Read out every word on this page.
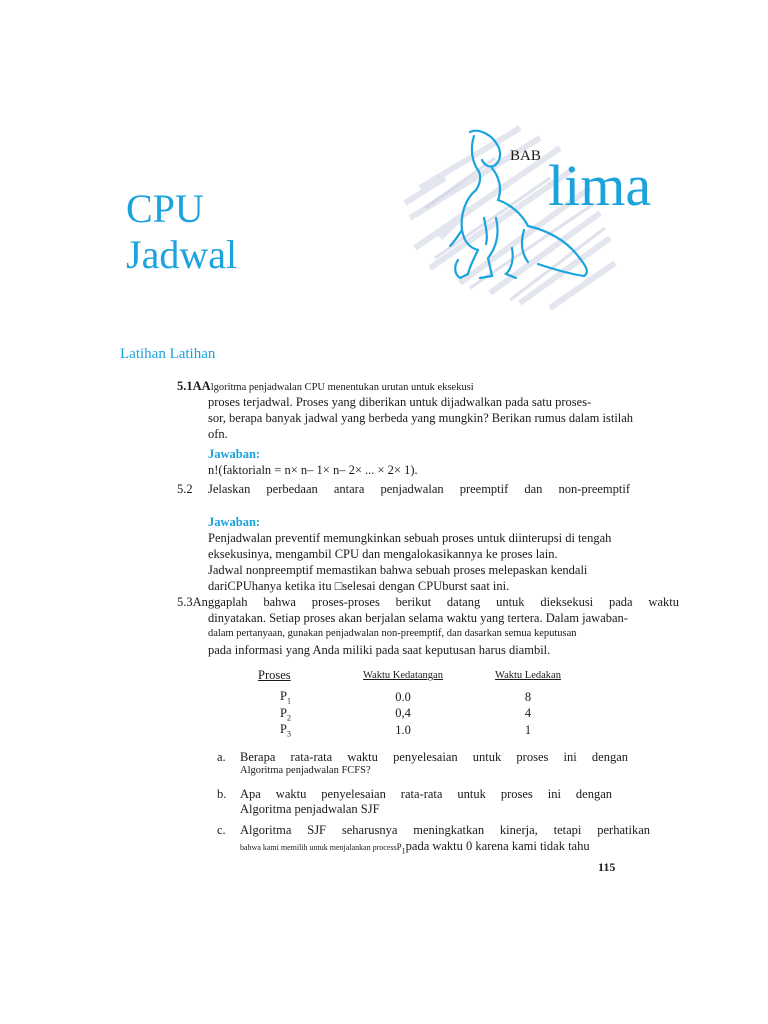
CPU
Jadwal
BAB lima
Latihan Latihan
5.1AAlgoritma penjadwalan CPU menentukan urutan untuk eksekusi
proses terjadwal. Proses yang diberikan untuk dijadwalkan pada satu proses-
sor, berapa banyak jadwal yang berbeda yang mungkin? Berikan rumus dalam istilah
ofn.
Jawaban:
n!(faktorialn = n× n– 1× n– 2× ... × 2× 1).
5.2 Jelaskan perbedaan antara penjadwalan preemptif dan non-preemptif
Jawaban:
Penjadwalan preventif memungkinkan sebuah proses untuk diinterupsi di tengah
eksekusinya, mengambil CPU dan mengalokasikannya ke proses lain.
Jadwal nonpreemptif memastikan bahwa sebuah proses melepaskan kendali
dariCPUhanya ketika itu □selesai dengan CPUburst saat ini.
5.3 Anggaplah bahwa proses-proses berikut datang untuk dieksekusi pada waktu
dinyatakan. Setiap proses akan berjalan selama waktu yang tertera. Dalam jawaban-
dalam pertanyaan, gunakan penjadwalan non-preemptif, dan dasarkan semua keputusan
pada informasi yang Anda miliki pada saat keputusan harus diambil.
Proses	Waktu Kedatangan	Waktu Ledakan

$P_1$	0.0	8
$P_2$	0,4	4
$P_3$	1.0	1
a. Berapa rata-rata waktu penyelesaian untuk proses ini dengan
Algoritma penjadwalan FCFS?
b. Apa waktu penyelesaian rata-rata untuk proses ini dengan
Algoritma penjadwalan SJF
c. Algoritma SJF seharusnya meningkatkan kinerja, tetapi perhatikan
bahwa kami memilih untuk menjalankan processP$_1$pada waktu 0 karena kami tidak tahu
115
